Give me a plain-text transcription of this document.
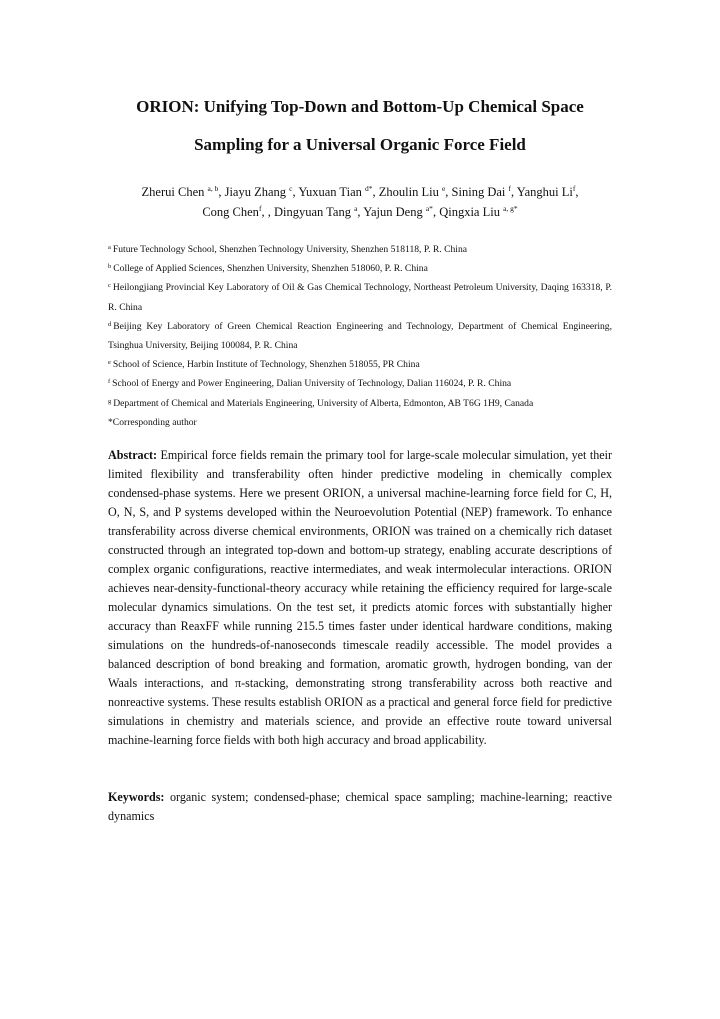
ORION: Unifying Top-Down and Bottom-Up Chemical Space
Sampling for a Universal Organic Force Field
Zherui Chen $^{a, b}$, Jiayu Zhang $^c$, Yuxuan Tian $^{d*}$, Zhoulin Liu $^e$, Sining Dai $^f$, Yanghui Li$^f$,
Cong Chen$^f$, , Dingyuan Tang $^a$, Yajun Deng $^{a*}$, Qingxia Liu $^{a, g*}$
$^a$ Future Technology School, Shenzhen Technology University, Shenzhen 518118, P. R. China
$^b$ College of Applied Sciences, Shenzhen University, Shenzhen 518060, P. R. China
$^c$ Heilongjiang Provincial Key Laboratory of Oil & Gas Chemical Technology, Northeast Petroleum University, Daqing 163318, P. R. China
$^d$ Beijing Key Laboratory of Green Chemical Reaction Engineering and Technology, Department of Chemical Engineering, Tsinghua University, Beijing 100084, P. R. China
$^e$ School of Science, Harbin Institute of Technology, Shenzhen 518055, PR China
$^f$ School of Energy and Power Engineering, Dalian University of Technology, Dalian 116024, P. R. China
$^g$ Department of Chemical and Materials Engineering, University of Alberta, Edmonton, AB T6G 1H9, Canada
*Corresponding author

Abstract: Empirical force fields remain the primary tool for large-scale molecular simulation, yet their limited flexibility and transferability often hinder predictive modeling in chemically complex condensed-phase systems. Here we present ORION, a universal machine-learning force field for C, H, O, N, S, and P systems developed within the Neuroevolution Potential (NEP) framework. To enhance transferability across diverse chemical environments, ORION was trained on a chemically rich dataset constructed through an integrated top-down and bottom-up strategy, enabling accurate descriptions of complex organic configurations, reactive intermediates, and weak intermolecular interactions. ORION achieves near-density-functional-theory accuracy while retaining the efficiency required for large-scale molecular dynamics simulations. On the test set, it predicts atomic forces with substantially higher accuracy than ReaxFF while running 215.5 times faster under identical hardware conditions, making simulations on the hundreds-of-nanoseconds timescale readily accessible. The model provides a balanced description of bond breaking and formation, aromatic growth, hydrogen bonding, van der Waals interactions, and π-stacking, demonstrating strong transferability across both reactive and nonreactive systems. These results establish ORION as a practical and general force field for predictive simulations in chemistry and materials science, and provide an effective route toward universal machine-learning force fields with both high accuracy and broad applicability.

Keywords: organic system; condensed-phase; chemical space sampling; machine-learning; reactive dynamics
